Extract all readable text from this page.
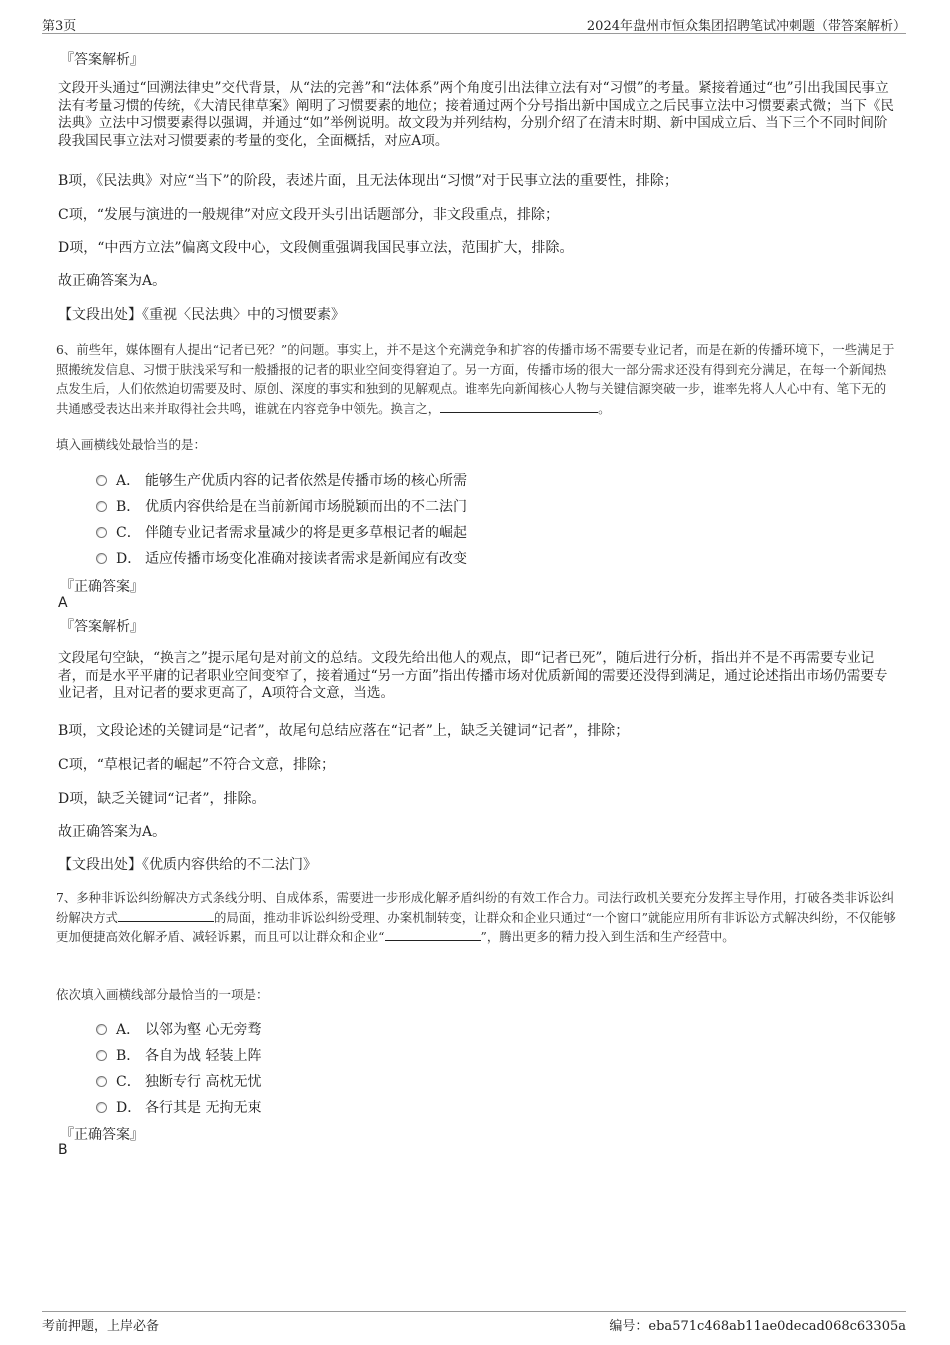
第3页	2024年盘州市恒众集团招聘笔试冲刺题（带答案解析）
『答案解析』
文段开头通过“回溯法律史”交代背景，从“法的完善”和“法体系”两个角度引出法律立法有对“习惯”的考量。紧接着通过“也”引出我国民事立法有考量习惯的传统，《大清民律草案》阐明了习惯要素的地位；接着通过两个分号指出新中国成立之后民事立法中习惯要素式微；当下《民法典》立法中习惯要素得以强调，并通过“如”举例说明。故文段为并列结构，分别介绍了在清末时期、新中国成立后、当下三个不同时间阶段我国民事立法对习惯要素的考量的变化，全面概括，对应A项。
B项，《民法典》对应“当下”的阶段，表述片面，且无法体现出“习惯”对于民事立法的重要性，排除；
C项，“发展与演进的一般规律”对应文段开头引出话题部分，非文段重点，排除；
D项，“中西方立法”偏离文段中心，文段侧重强调我国民事立法，范围扩大，排除。
故正确答案为A。
【文段出处】《重视〈民法典〉中的习惯要素》
6、前些年，媒体圈有人提出“记者已死？”的问题。事实上，并不是这个充满竞争和扩容的传播市场不需要专业记者，而是在新的传播环境下，一些满足于照搬统发信息、习惯于肤浅采写和一般播报的记者的职业空间变得窘迫了。另一方面，传播市场的很大一部分需求还没有得到充分满足，在每一个新闻热点发生后，人们依然迫切需要及时、原创、深度的事实和独到的见解观点。谁率先向新闻核心人物与关键信源突破一步，谁率先将人人心中有、笔下无的共通感受表达出来并取得社会共鸣，谁就在内容竞争中领先。换言之，	。
填入画横线处最恰当的是：
A． 能够生产优质内容的记者依然是传播市场的核心所需
B． 优质内容供给是在当前新闻市场脱颖而出的不二法门
C． 伴随专业记者需求量减少的将是更多草根记者的崛起
D． 适应传播市场变化准确对接读者需求是新闻应有改变
『正确答案』
A
『答案解析』
文段尾句空缺，“换言之”提示尾句是对前文的总结。文段先给出他人的观点，即“记者已死”，随后进行分析，指出并不是不再需要专业记者，而是水平平庸的记者职业空间变窄了，接着通过“另一方面”指出传播市场对优质新闻的需要还没得到满足，通过论述指出市场仍需要专业记者，且对记者的要求更高了，A项符合文意，当选。
B项，文段论述的关键词是“记者”，故尾句总结应落在“记者”上，缺乏关键词“记者”，排除；
C项，“草根记者的崛起”不符合文意，排除；
D项，缺乏关键词“记者”，排除。
故正确答案为A。
【文段出处】《优质内容供给的不二法门》
7、多种非诉讼纠纷解决方式条线分明、自成体系，需要进一步形成化解矛盾纠纷的有效工作合力。司法行政机关要充分发挥主导作用，打破各类非诉讼纠纷解决方式	的局面，推动非诉讼纠纷受理、办案机制转变，让群众和企业只通过“一个窗口”就能应用所有非诉讼方式解决纠纷，不仅能够更加便捷高效化解矛盾、减轻诉累，而且可以让群众和企业“	”，腾出更多的精力投入到生活和生产经营中。
依次填入画横线部分最恰当的一项是：
A． 以邻为壑 心无旁骛
B． 各自为战 轻装上阵
C． 独断专行 高枕无忧
D． 各行其是 无拘无束
『正确答案』
B
考前押题，上岸必备	编号：eba571c468ab11ae0decad068c63305a
